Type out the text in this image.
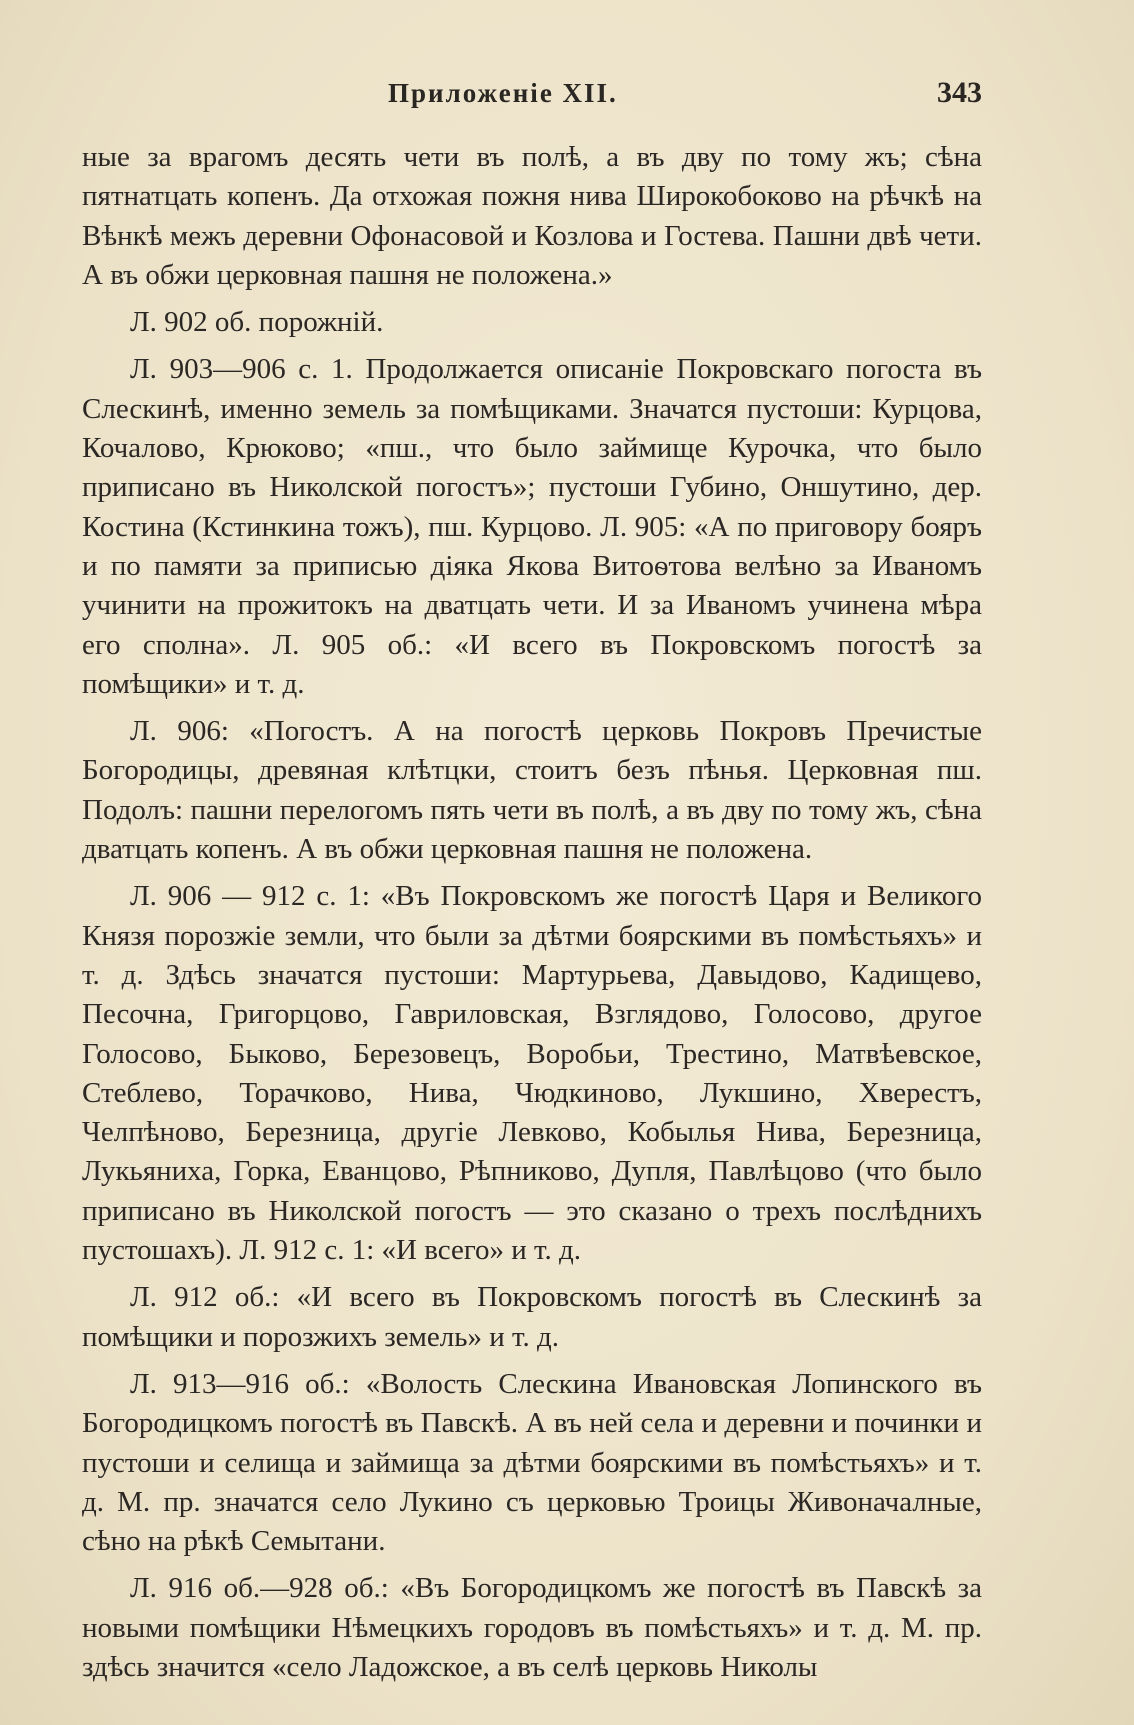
Приложеніе XII.	343

ные за врагомъ десять чети въ полѣ, а въ дву по тому жъ; сѣна пятнатцать копенъ. Да отхожая пожня нива Широкобоково на рѣчкѣ на Вѣнкѣ межъ деревни Офонасовой и Козлова и Гостева. Пашни двѣ чети. А въ обжи церковная пашня не положена.»

Л. 902 об. порожній.

Л. 903—906 с. 1. Продолжается описаніе Покровскаго погоста въ Слескинѣ, именно земель за помѣщиками. Значатся пустоши: Курцова, Кочалово, Крюково; «пш., что было займище Курочка, что было приписано въ Николской погостъ»; пустоши Губино, Оншутино, дер. Костина (Кстинкина тожъ), пш. Курцово. Л. 905: «А по приговору бояръ и по памяти за приписью діяка Якова Витоѳтова велѣно за Иваномъ учинити на прожитокъ на дватцать чети. И за Иваномъ учинена мѣра его сполна». Л. 905 об.: «И всего въ Покровскомъ погостѣ за помѣщики» и т. д.

Л. 906: «Погостъ. А на погостѣ церковь Покровъ Пречистые Богородицы, древяная клѣтцки, стоитъ безъ пѣнья. Церковная пш. Подолъ: пашни перелогомъ пять чети въ полѣ, а въ дву по тому жъ, сѣна дватцать копенъ. А въ обжи церковная пашня не положена.

Л. 906 — 912 с. 1: «Въ Покровскомъ же погостѣ Царя и Великого Князя порозжіе земли, что были за дѣтми боярскими въ помѣстьяхъ» и т. д. Здѣсь значатся пустоши: Мартурьева, Давыдово, Кадищево, Песочна, Григорцово, Гавриловская, Взглядово, Голосово, другое Голосово, Быково, Березовецъ, Воробьи, Трестино, Матвѣевское, Стеблево, Торачково, Нива, Чюдкиново, Лукшино, Хверестъ, Челпѣново, Березница, другіе Левково, Кобылья Нива, Березница, Лукьяниха, Горка, Еванцово, Рѣпниково, Дупля, Павлѣцово (что было приписано въ Николской погостъ — это сказано о трехъ послѣднихъ пустошахъ). Л. 912 с. 1: «И всего» и т. д.

Л. 912 об.: «И всего въ Покровскомъ погостѣ въ Слескинѣ за помѣщики и порозжихъ земель» и т. д.

Л. 913—916 об.: «Волость Слескина Ивановская Лопинского въ Богородицкомъ погостѣ въ Павскѣ. А въ ней села и деревни и починки и пустоши и селища и займища за дѣтми боярскими въ помѣстьяхъ» и т. д. М. пр. значатся село Лукино съ церковью Троицы Живоначалные, сѣно на рѣкѣ Семытани.

Л. 916 об.—928 об.: «Въ Богородицкомъ же погостѣ въ Павскѣ за новыми помѣщики Нѣмецкихъ городовъ въ помѣстьяхъ» и т. д. М. пр. здѣсь значится «село Ладожское, а въ селѣ церковь Николы
